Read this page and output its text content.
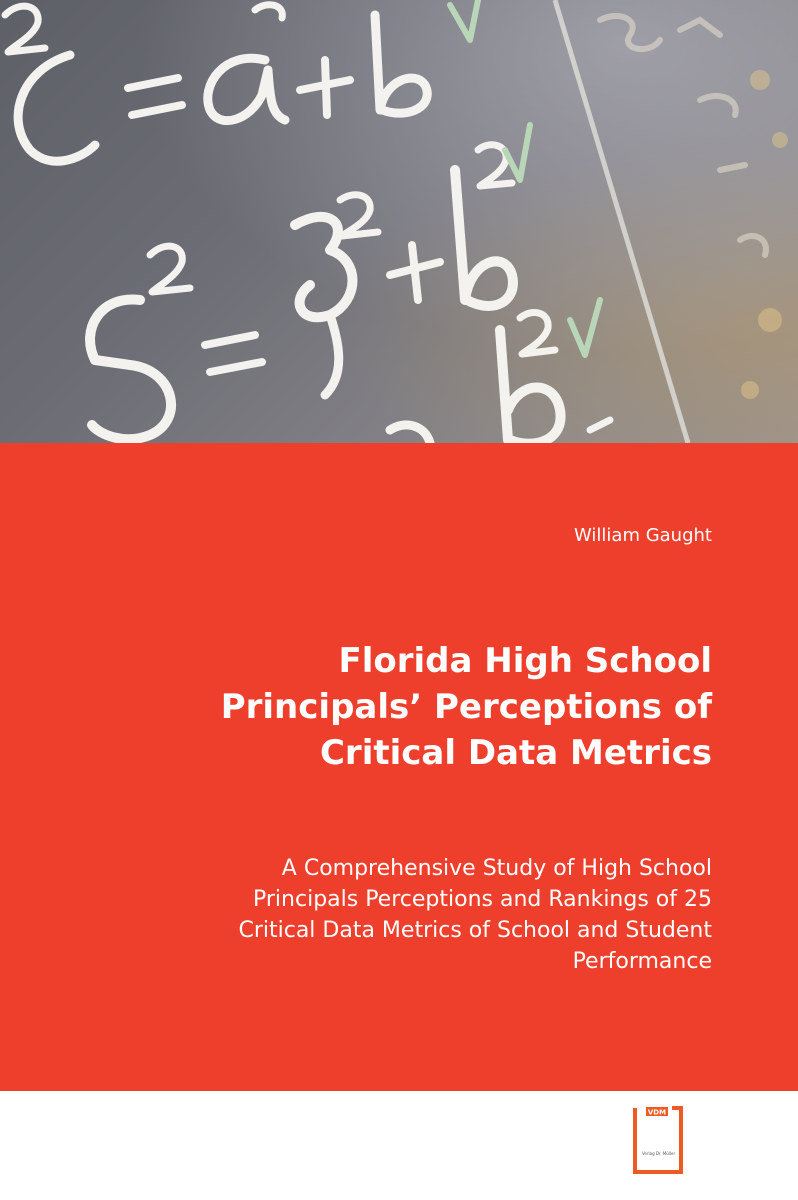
William Gaught
Florida High School
Principals’ Perceptions of
Critical Data Metrics
A Comprehensive Study of High School
Principals Perceptions and Rankings of 25
Critical Data Metrics of School and Student
Performance
VDM
Verlag Dr. Müller
